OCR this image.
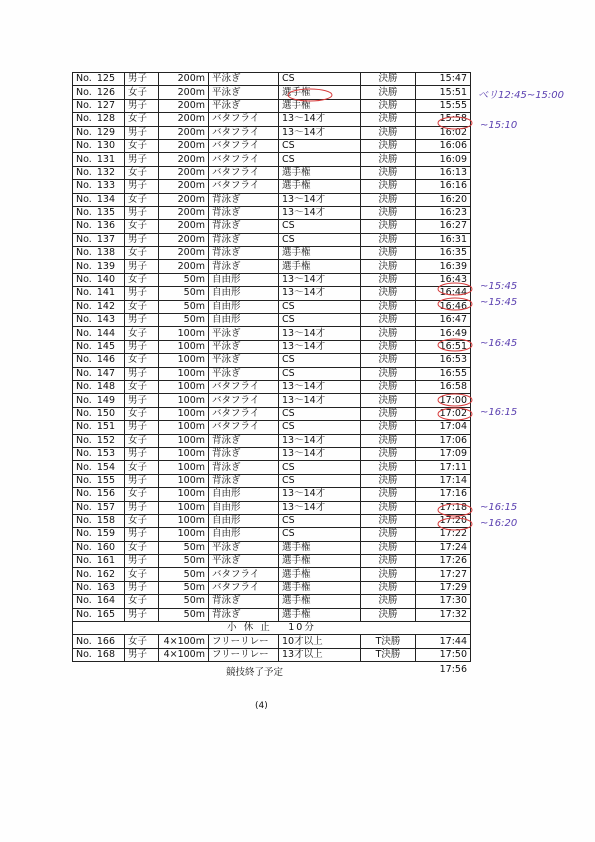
No. 125	男子	200m	平泳ぎ	CS	決勝	15:47

No. 126	女子	200m	平泳ぎ	選手権	決勝	15:51

No. 127	男子	200m	平泳ぎ	選手権	決勝	15:55

No. 128	女子	200m	バタフライ	13～14才	決勝	15:58

No. 129	男子	200m	バタフライ	13～14才	決勝	16:02

No. 130	女子	200m	バタフライ	CS	決勝	16:06

No. 131	男子	200m	バタフライ	CS	決勝	16:09

No. 132	女子	200m	バタフライ	選手権	決勝	16:13

No. 133	男子	200m	バタフライ	選手権	決勝	16:16

No. 134	女子	200m	背泳ぎ	13～14才	決勝	16:20

No. 135	男子	200m	背泳ぎ	13～14才	決勝	16:23

No. 136	女子	200m	背泳ぎ	CS	決勝	16:27

No. 137	男子	200m	背泳ぎ	CS	決勝	16:31

No. 138	女子	200m	背泳ぎ	選手権	決勝	16:35

No. 139	男子	200m	背泳ぎ	選手権	決勝	16:39

No. 140	女子	50m	自由形	13～14才	決勝	16:43

No. 141	男子	50m	自由形	13～14才	決勝	16:44

No. 142	女子	50m	自由形	CS	決勝	16:46

No. 143	男子	50m	自由形	CS	決勝	16:47

No. 144	女子	100m	平泳ぎ	13～14才	決勝	16:49

No. 145	男子	100m	平泳ぎ	13～14才	決勝	16:51

No. 146	女子	100m	平泳ぎ	CS	決勝	16:53

No. 147	男子	100m	平泳ぎ	CS	決勝	16:55

No. 148	女子	100m	バタフライ	13～14才	決勝	16:58

No. 149	男子	100m	バタフライ	13～14才	決勝	17:00

No. 150	女子	100m	バタフライ	CS	決勝	17:02

No. 151	男子	100m	バタフライ	CS	決勝	17:04

No. 152	女子	100m	背泳ぎ	13～14才	決勝	17:06

No. 153	男子	100m	背泳ぎ	13～14才	決勝	17:09

No. 154	女子	100m	背泳ぎ	CS	決勝	17:11

No. 155	男子	100m	背泳ぎ	CS	決勝	17:14

No. 156	女子	100m	自由形	13～14才	決勝	17:16

No. 157	男子	100m	自由形	13～14才	決勝	17:18

No. 158	女子	100m	自由形	CS	決勝	17:20

No. 159	男子	100m	自由形	CS	決勝	17:22

No. 160	女子	50m	平泳ぎ	選手権	決勝	17:24

No. 161	男子	50m	平泳ぎ	選手権	決勝	17:26

No. 162	女子	50m	バタフライ	選手権	決勝	17:27

No. 163	男子	50m	バタフライ	選手権	決勝	17:29

No. 164	女子	50m	背泳ぎ	選手権	決勝	17:30

No. 165	男子	50m	背泳ぎ	選手権	決勝	17:32
小 休 止　 10分						

No. 166	女子	4×100m	フリーリレー	10才以上	T決勝	17:44

No. 168	男子	4×100m	フリーリレー	13才以上	T決勝	17:50
競技終了予定	17:56
(4)
ベリ12:45~15:00
~15:10
~15:45
~15:45
~16:45
~16:15
~16:15
~16:20
